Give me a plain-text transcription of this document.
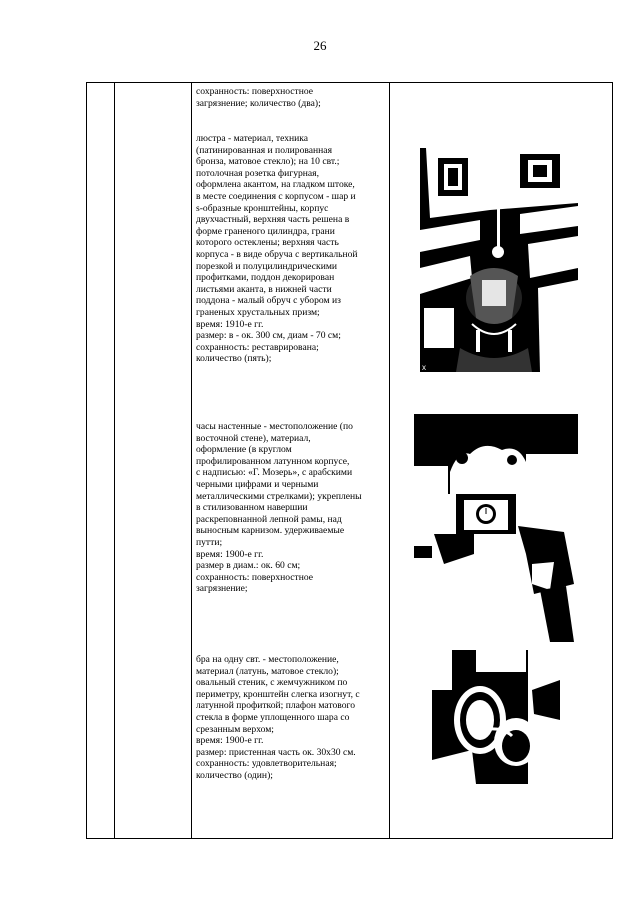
26
сохранность: поверхностное
загрязнение; количество (два);
люстра - материал, техника
(патинированная и полированная
бронза, матовое стекло); на 10 свт.;
потолочная розетка фигурная,
оформлена акантом, на гладком штоке,
в месте соединения с корпусом - шар и
s-образные кронштейны, корпус
двухчастный, верхняя часть решена в
форме граненого цилиндра, грани
которого остеклены; верхняя часть
корпуса - в виде обруча с вертикальной
порезкой и полуцилиндрическими
профитками, поддон декорирован
листьями аканта, в нижней части
поддона - малый обруч с убором из
граненых хрустальных призм;
время: 1910-е гг.
размер: в - ок. 300 см, диам - 70 см;
сохранность: реставрирована;
количество (пять);
x
часы настенные - местоположение (по
восточной стене), материал,
оформление (в круглом
профилированном латунном корпусе,
с надписью: «Г. Мозерь», с арабскими
черными цифрами и черными
металлическими стрелками); укреплены
в стилизованном навершии
раскреповнанной лепной рамы, над
выносным карнизом. удерживаемые
путти;
время: 1900-е гг.
размер в диам.: ок. 60 см;
сохранность: поверхностное
загрязнение;
бра на одну свт. - местоположение,
материал (латунь, матовое стекло);
овальный стеник, с жемчужником по
периметру, кронштейн слегка изогнут, с
латунной профиткой; плафон матового
стекла в форме уплощенного шара со
срезанным верхом;
время: 1900-е гг.
размер: пристенная часть ок. 30x30 см.
сохранность: удовлетворительная;
количество (один);
